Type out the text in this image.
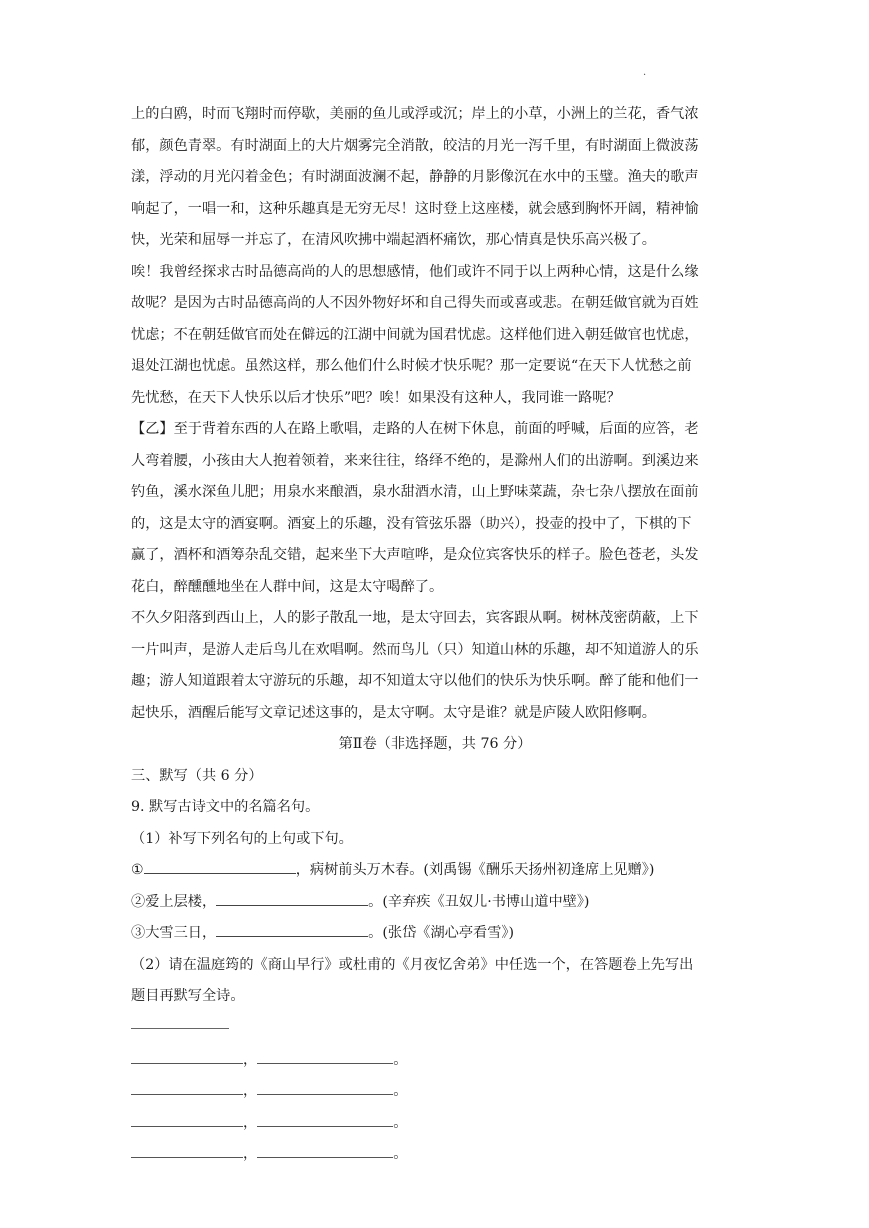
·
上的白鸥，时而飞翔时而停歇，美丽的鱼儿或浮或沉；岸上的小草，小洲上的兰花，香气浓
郁，颜色青翠。有时湖面上的大片烟雾完全消散，皎洁的月光一泻千里，有时湖面上微波荡
漾，浮动的月光闪着金色；有时湖面波澜不起，静静的月影像沉在水中的玉璧。渔夫的歌声
响起了，一唱一和，这种乐趣真是无穷无尽！这时登上这座楼，就会感到胸怀开阔，精神愉
快，光荣和屈辱一并忘了，在清风吹拂中端起酒杯痛饮，那心情真是快乐高兴极了。
唉！我曾经探求古时品德高尚的人的思想感情，他们或许不同于以上两种心情，这是什么缘
故呢？是因为古时品德高尚的人不因外物好坏和自己得失而或喜或悲。在朝廷做官就为百姓
忧虑；不在朝廷做官而处在僻远的江湖中间就为国君忧虑。这样他们进入朝廷做官也忧虑，
退处江湖也忧虑。虽然这样，那么他们什么时候才快乐呢？那一定要说“在天下人忧愁之前
先忧愁，在天下人快乐以后才快乐”吧？唉！如果没有这种人，我同谁一路呢？
【乙】至于背着东西的人在路上歌唱，走路的人在树下休息，前面的呼喊，后面的应答，老
人弯着腰，小孩由大人抱着领着，来来往往，络绎不绝的，是滁州人们的出游啊。到溪边来
钓鱼，溪水深鱼儿肥；用泉水来酿酒，泉水甜酒水清，山上野味菜蔬，杂七杂八摆放在面前
的，这是太守的酒宴啊。酒宴上的乐趣，没有管弦乐器（助兴），投壶的投中了，下棋的下
赢了，酒杯和酒筹杂乱交错，起来坐下大声喧哗，是众位宾客快乐的样子。脸色苍老，头发
花白，醉醺醺地坐在人群中间，这是太守喝醉了。
不久夕阳落到西山上，人的影子散乱一地，是太守回去，宾客跟从啊。树林茂密荫蔽，上下
一片叫声，是游人走后鸟儿在欢唱啊。然而鸟儿（只）知道山林的乐趣，却不知道游人的乐
趣；游人知道跟着太守游玩的乐趣，却不知道太守以他们的快乐为快乐啊。醉了能和他们一
起快乐，酒醒后能写文章记述这事的，是太守啊。太守是谁？就是庐陵人欧阳修啊。
第Ⅱ卷（非选择题，共 76 分）
三、默写（共 6 分）
9. 默写古诗文中的名篇名句。
（1）补写下列名句的上句或下句。
①	，病树前头万木春。(刘禹锡《酬乐天扬州初逢席上见赠》)
②爱上层楼，	。(辛弃疾《丑奴儿·书博山道中壁》)
③大雪三日，	。(张岱《湖心亭看雪》)
（2）请在温庭筠的《商山早行》或杜甫的《月夜忆舍弟》中任选一个，在答题卷上先写出
题目再默写全诗。
，	。
，	。
，	。
，	。
